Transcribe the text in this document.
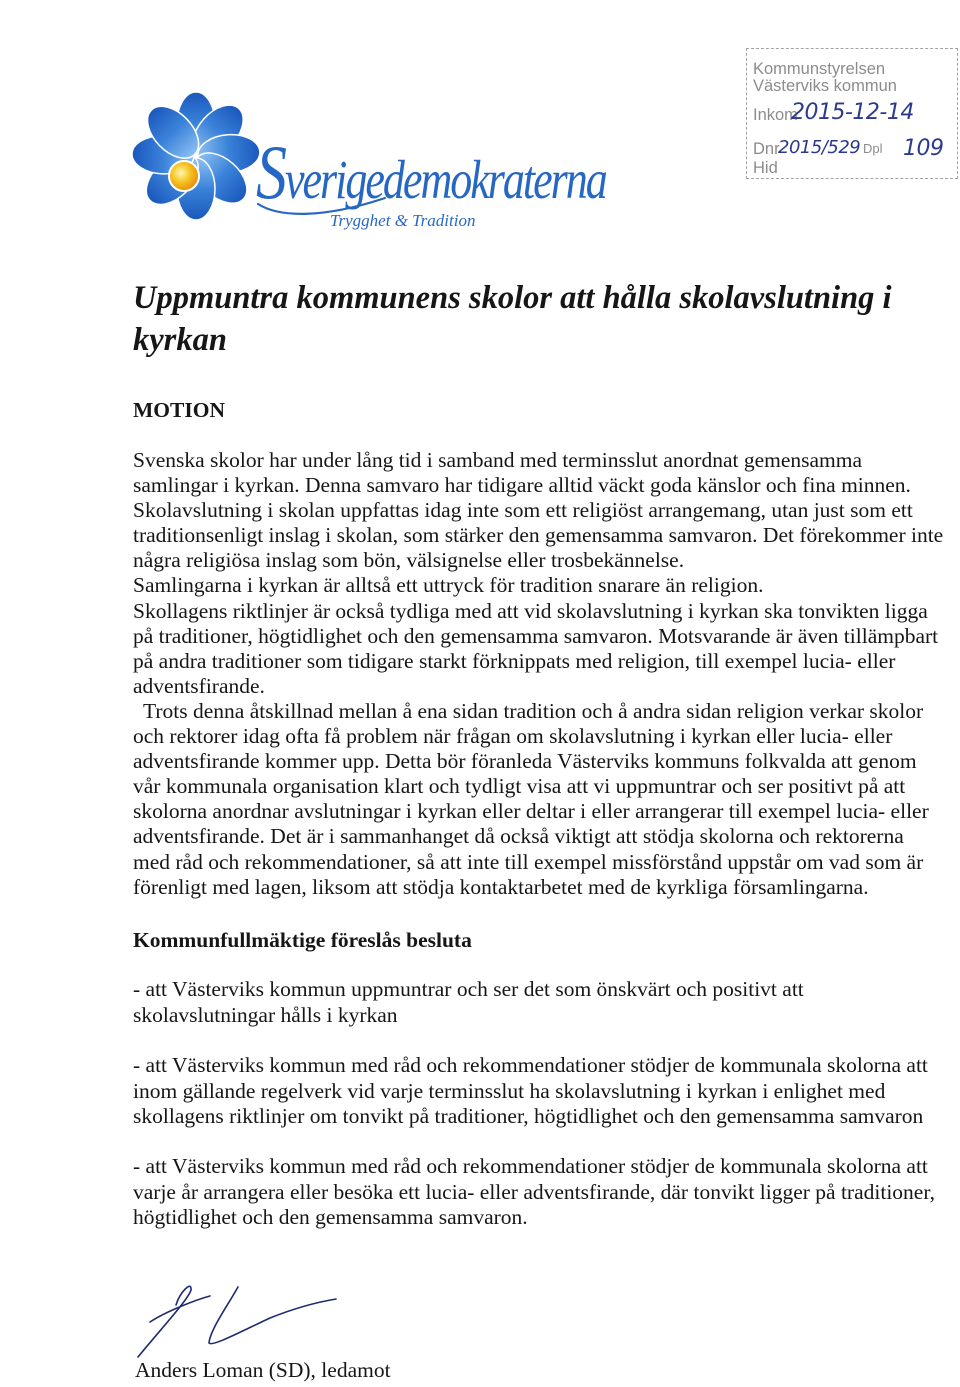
Sverigedemokraterna
Trygghet & Tradition
Kommunstyrelsen
Västerviks kommun
Inkom
2015-12-14
Dnr
2015/529 Dpl 109
Hid
Uppmuntra kommunens skolor att hålla skolavslutning i
kyrkan
MOTION
Svenska skolor har under lång tid i samband med terminsslut anordnat gemensamma
samlingar i kyrkan. Denna samvaro har tidigare alltid väckt goda känslor och fina minnen.
Skolavslutning i skolan uppfattas idag inte som ett religiöst arrangemang, utan just som ett
traditionsenligt inslag i skolan, som stärker den gemensamma samvaron. Det förekommer inte
några religiösa inslag som bön, välsignelse eller trosbekännelse.
Samlingarna i kyrkan är alltså ett uttryck för tradition snarare än religion.
Skollagens riktlinjer är också tydliga med att vid skolavslutning i kyrkan ska tonvikten ligga
på traditioner, högtidlighet och den gemensamma samvaron. Motsvarande är även tillämpbart
på andra traditioner som tidigare starkt förknippats med religion, till exempel lucia- eller
adventsfirande.
Trots denna åtskillnad mellan å ena sidan tradition och å andra sidan religion verkar skolor
och rektorer idag ofta få problem när frågan om skolavslutning i kyrkan eller lucia- eller
adventsfirande kommer upp. Detta bör föranleda Västerviks kommuns folkvalda att genom
vår kommunala organisation klart och tydligt visa att vi uppmuntrar och ser positivt på att
skolorna anordnar avslutningar i kyrkan eller deltar i eller arrangerar till exempel lucia- eller
adventsfirande. Det är i sammanhanget då också viktigt att stödja skolorna och rektorerna
med råd och rekommendationer, så att inte till exempel missförstånd uppstår om vad som är
förenligt med lagen, liksom att stödja kontaktarbetet med de kyrkliga församlingarna.
Kommunfullmäktige föreslås besluta
- att Västerviks kommun uppmuntrar och ser det som önskvärt och positivt att
skolavslutningar hålls i kyrkan
- att Västerviks kommun med råd och rekommendationer stödjer de kommunala skolorna att
inom gällande regelverk vid varje terminsslut ha skolavslutning i kyrkan i enlighet med
skollagens riktlinjer om tonvikt på traditioner, högtidlighet och den gemensamma samvaron
- att Västerviks kommun med råd och rekommendationer stödjer de kommunala skolorna att
varje år arrangera eller besöka ett lucia- eller adventsfirande, där tonvikt ligger på traditioner,
högtidlighet och den gemensamma samvaron.
Anders Loman (SD), ledamot
